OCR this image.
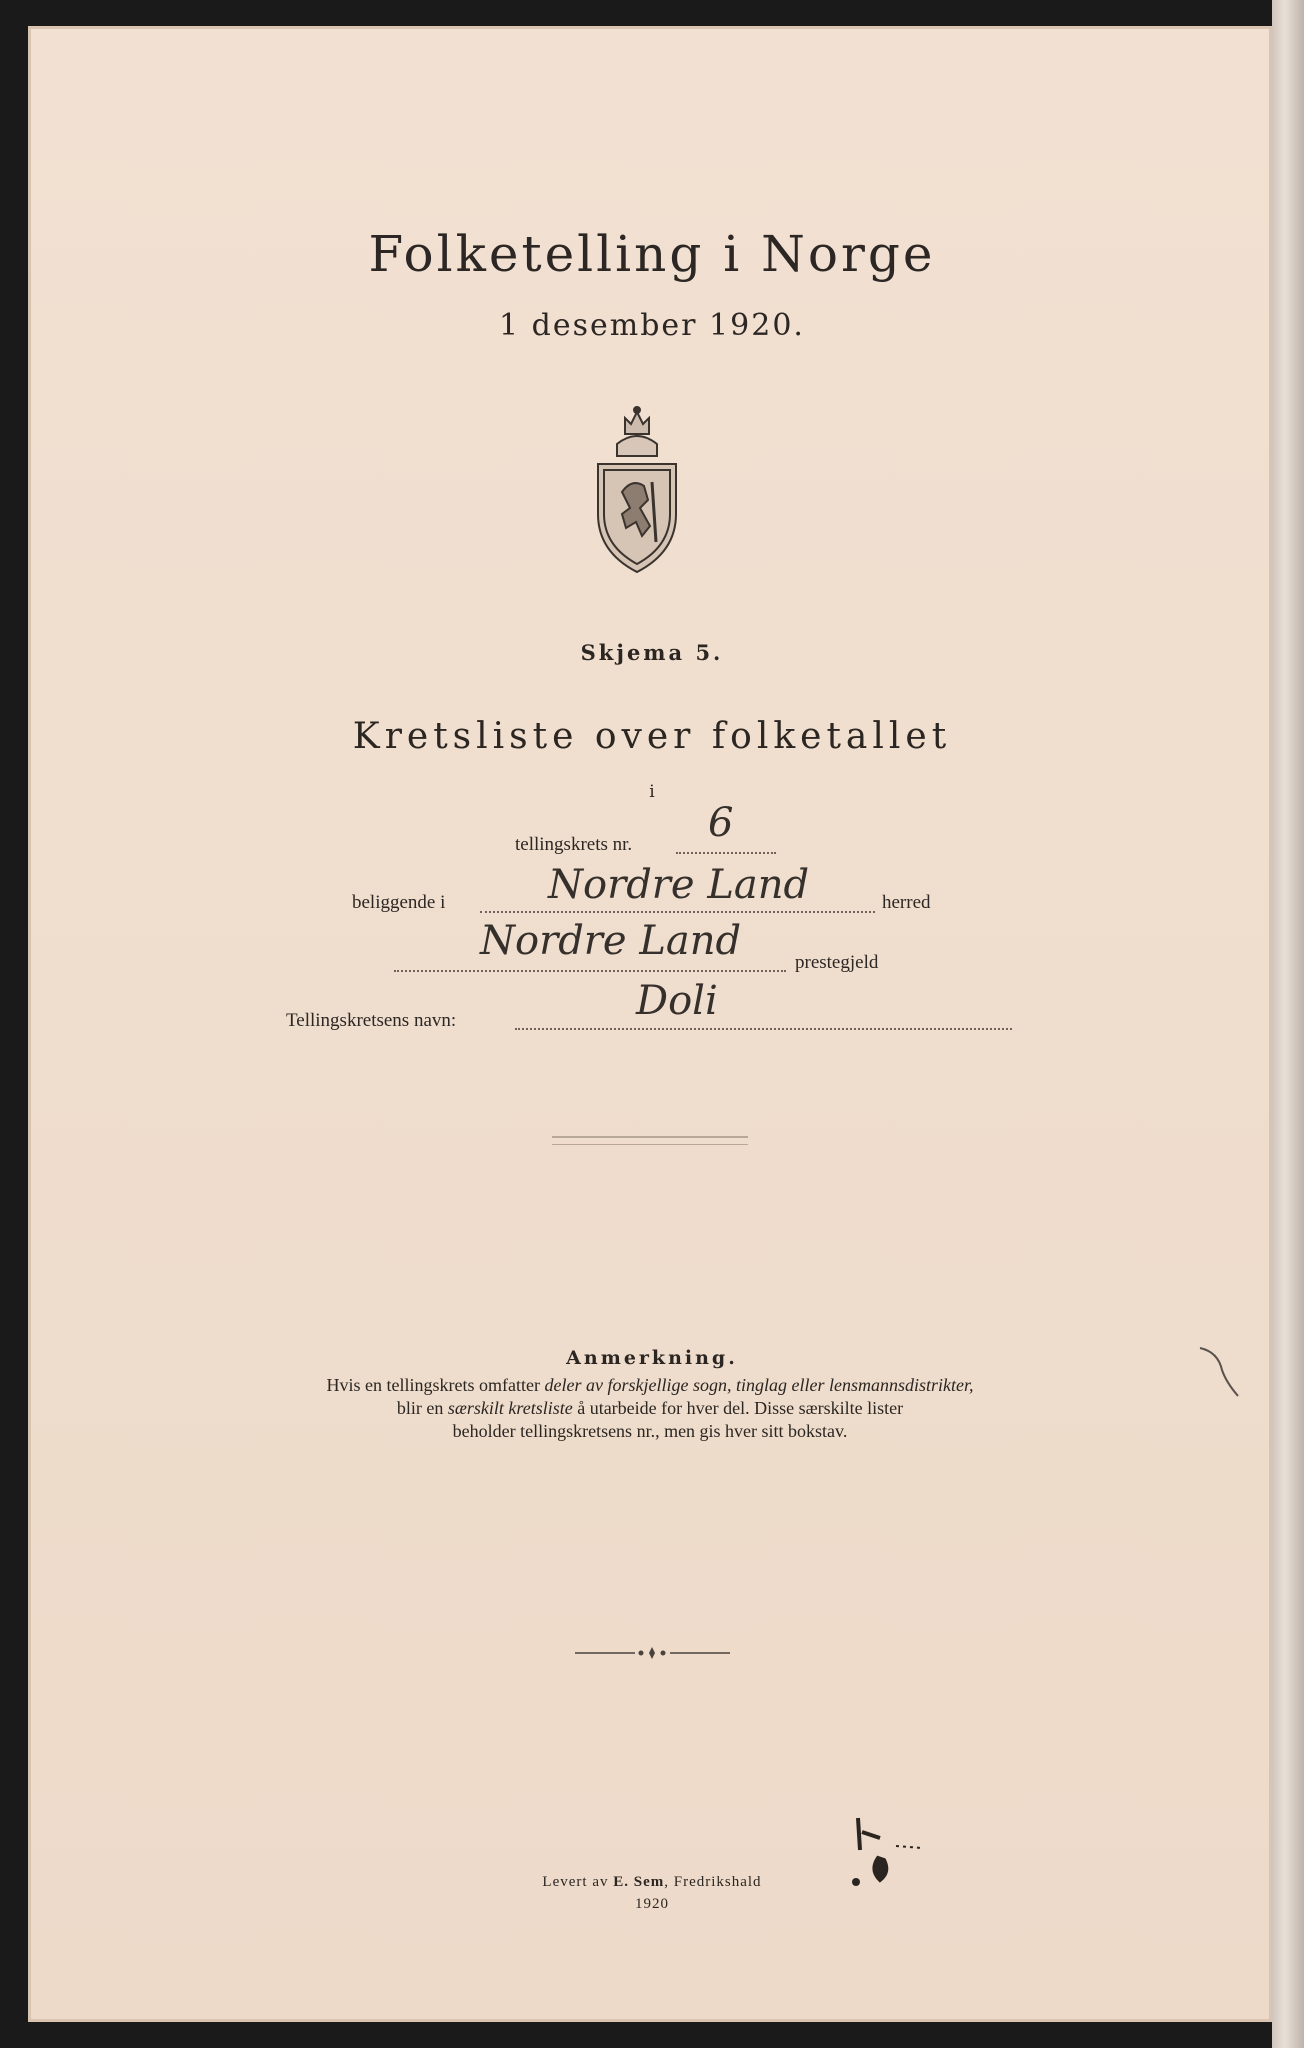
Folketelling i Norge
1 desember 1920.
Skjema 5.
Kretsliste over folketallet
i
tellingskrets nr. 6
beliggende i	Nordre Land	herred
Nordre Land	prestegjeld
Tellingskretsens navn:	Doli
Anmerkning.
Hvis en tellingskrets omfatter deler av forskjellige sogn, tinglag eller lensmannsdistrikter,
blir en særskilt kretsliste å utarbeide for hver del. Disse særskilte lister
beholder tellingskretsens nr., men gis hver sitt bokstav.
Levert av E. Sem, Fredrikshald
1920
